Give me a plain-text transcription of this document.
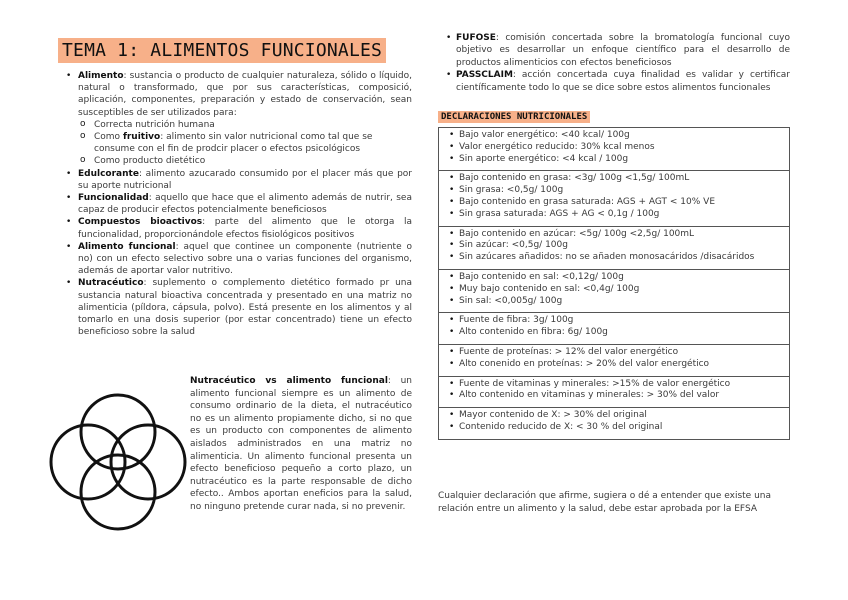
TEMA 1: ALIMENTOS FUNCIONALES
• Alimento: sustancia o producto de cualquier naturaleza, sólido o líquido, natural o transformado, que por sus características, composició, aplicación, componentes, preparación y estado de conservación, sean susceptibles de ser utilizados para:
o Correcta nutrición humana
o Como fruitivo: alimento sin valor nutricional como tal que se consume con el fin de prodcir placer o efectos psicológicos
o Como producto dietético
• Edulcorante: alimento azucarado consumido por el placer más que por su aporte nutricional
• Funcionalidad: aquello que hace que el alimento además de nutrir, sea capaz de producir efectos potencialmente beneficiosos
• Compuestos bioactivos: parte del alimento que le otorga la funcionalidad, proporcionándole efectos fisiológicos positivos
• Alimento funcional: aquel que continee un componente (nutriente o no) con un efecto selectivo sobre una o varias funciones del organismo, además de aportar valor nutritivo.
• Nutracéutico: suplemento o complemento dietético formado pr una sustancia natural bioactiva concentrada y presentado en una matriz no alimenticia (píldora, cápsula, polvo). Está presente en los alimentos y al tomarlo en una dosis superior (por estar concentrado) tiene un efecto beneficioso sobre la salud
Nutracéutico vs alimento funcional: un alimento funcional siempre es un alimento de consumo ordinario de la dieta, el nutracéutico no es un alimento propiamente dicho, si no que es un producto con componentes de alimento aislados administrados en una matriz no alimenticia. Un alimento funcional presenta un efecto beneficioso pequeño a corto plazo, un nutracéutico es la parte responsable de dicho efecto.. Ambos aportan eneficios para la salud, no ninguno pretende curar nada, si no prevenir.
• FUFOSE: comisión concertada sobre la bromatología funcional cuyo objetivo es desarrollar un enfoque científico para el desarrollo de productos alimenticios con efectos beneficiosos
• PASSCLAIM: acción concertada cuya finalidad es validar y certificar científicamente todo lo que se dice sobre estos alimentos funcionales
DECLARACIONES NUTRICIONALES
• Bajo valor energético: <40 kcal/ 100g
• Valor energético reducido: 30% kcal menos
• Sin aporte energético: <4 kcal / 100g
• Bajo contenido en grasa: <3g/ 100g <1,5g/ 100mL
• Sin grasa: <0,5g/ 100g
• Bajo contenido en grasa saturada: AGS + AGT < 10% VE
• Sin grasa saturada: AGS + AG < 0,1g / 100g
• Bajo contenido en azúcar: <5g/ 100g <2,5g/ 100mL
• Sin azúcar: <0,5g/ 100g
• Sin azúcares añadidos: no se añaden monosacáridos /disacáridos
• Bajo contenido en sal: <0,12g/ 100g
• Muy bajo contenido en sal: <0,4g/ 100g
• Sin sal: <0,005g/ 100g
• Fuente de fibra: 3g/ 100g
• Alto contenido en fibra: 6g/ 100g
• Fuente de proteínas: > 12% del valor energético
• Alto conenido en proteínas: > 20% del valor energético
• Fuente de vitaminas y minerales: >15% de valor energético
• Alto contenido en vitaminas y minerales: > 30% del valor
• Mayor contenido de X: > 30% del original
• Contenido reducido de X: < 30 % del original
Cualquier declaración que afirme, sugiera o dé a entender que existe una relación entre un alimento y la salud, debe estar aprobada por la EFSA
